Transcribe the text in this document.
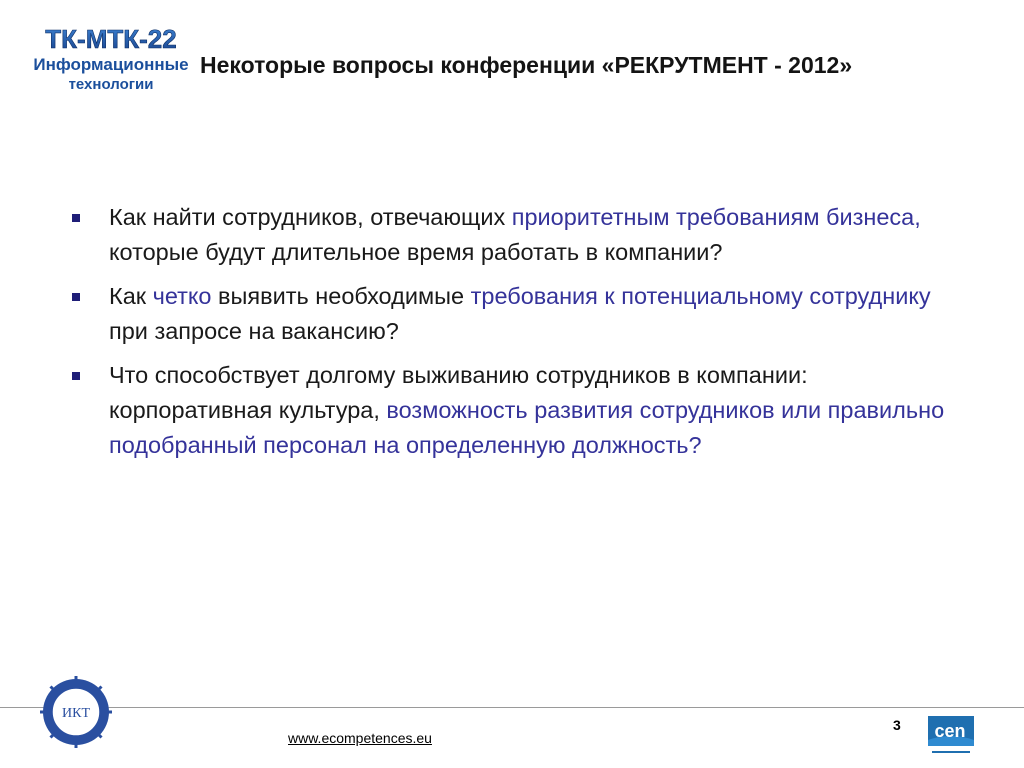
ТК-МТК-22
Информационные
технологии
Некоторые вопросы конференции «РЕКРУТМЕНТ - 2012»
Как найти сотрудников, отвечающих приоритетным требованиям бизнеса, которые будут длительное время работать в компании?
Как четко выявить необходимые требования к потенциальному сотруднику при запросе на вакансию?
Что способствует долгому выживанию сотрудников в компании: корпоративная культура, возможность развития сотрудников или правильно подобранный персонал на определенную должность?
ИКТ
www.ecompetences.eu
3 cen
